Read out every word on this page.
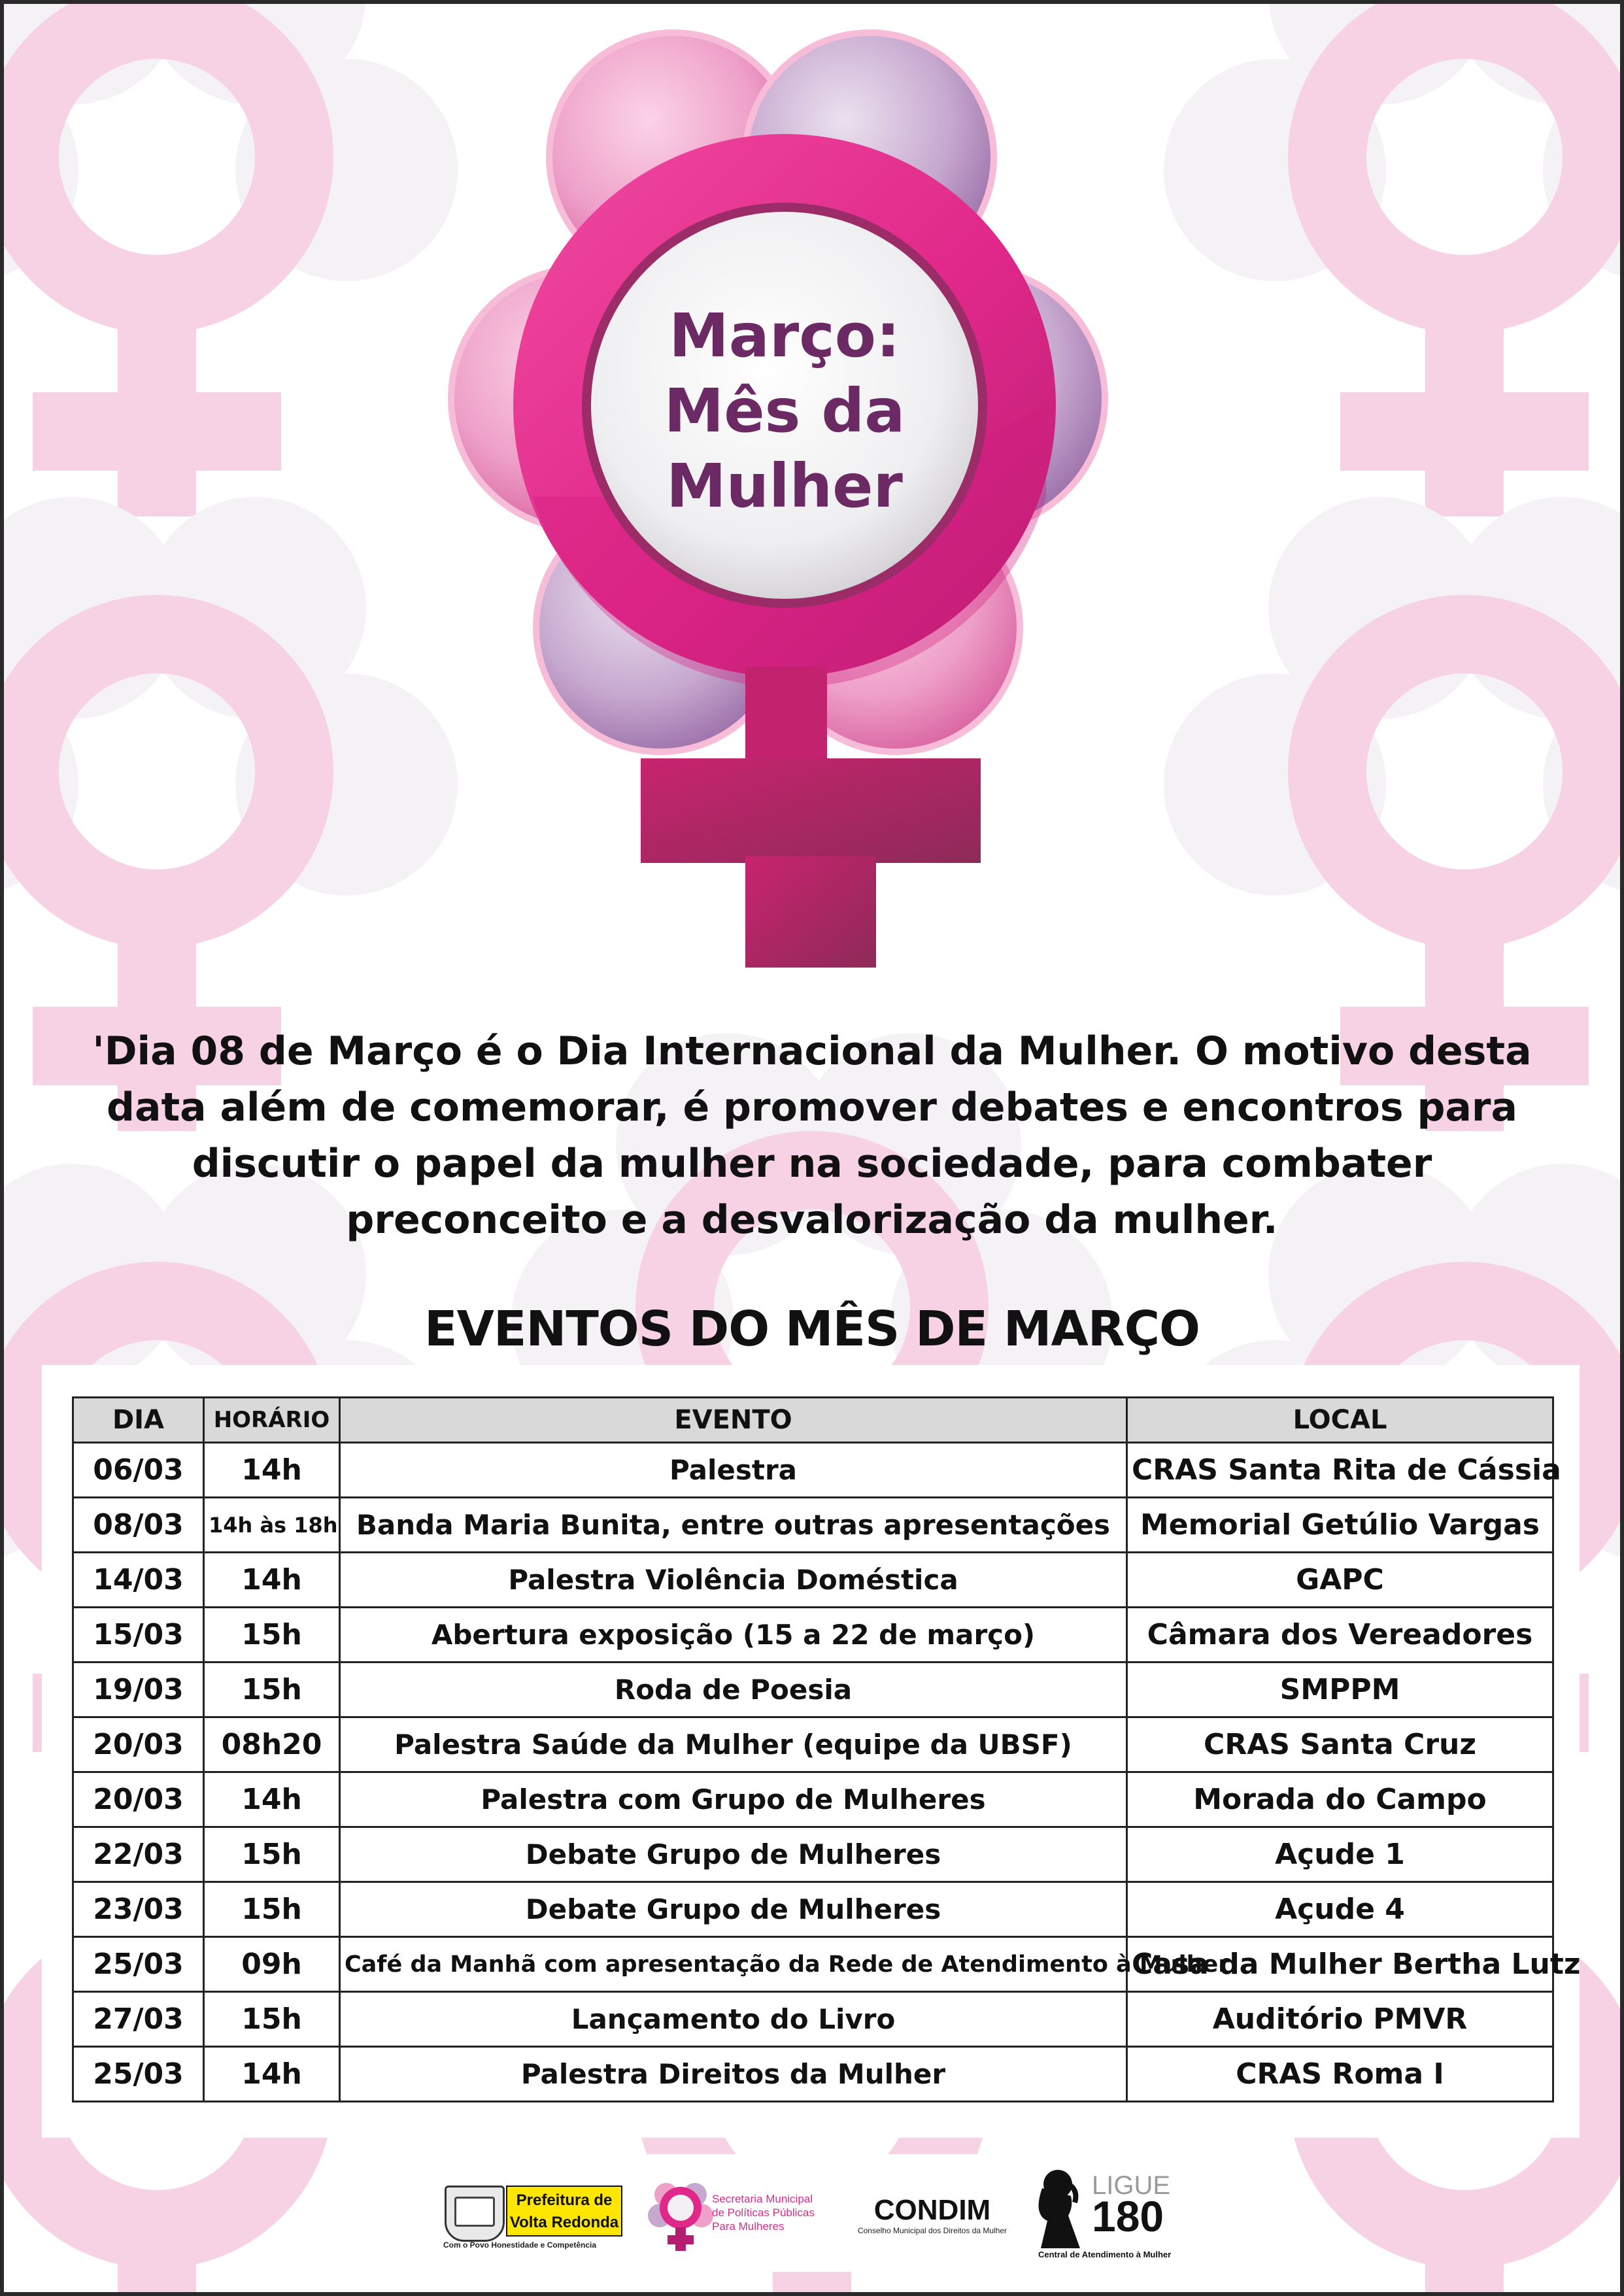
Março:
Mês da
Mulher
'Dia 08 de Março é o Dia Internacional da Mulher. O motivo desta data além de comemorar, é promover debates e encontros para discutir o papel da mulher na sociedade, para combater preconceito e a desvalorização da mulher.
EVENTOS DO MÊS DE MARÇO
DIA	HORÁRIO	EVENTO	LOCAL
06/03	14h	Palestra	CRAS Santa Rita de Cássia
08/03	14h às 18h	Banda Maria Bunita, entre outras apresentações	Memorial Getúlio Vargas
14/03	14h	Palestra Violência Doméstica	GAPC
15/03	15h	Abertura exposição (15 a 22 de março)	Câmara dos Vereadores
19/03	15h	Roda de Poesia	SMPPM
20/03	08h20	Palestra Saúde da Mulher (equipe da UBSF)	CRAS Santa Cruz
20/03	14h	Palestra com Grupo de Mulheres	Morada do Campo
22/03	15h	Debate Grupo de Mulheres	Açude 1
23/03	15h	Debate Grupo de Mulheres	Açude 4
25/03	09h	Café da Manhã com apresentação da Rede de Atendimento à Mulher	Casa da Mulher Bertha Lutz
27/03	15h	Lançamento do Livro	Auditório PMVR
25/03	14h	Palestra Direitos da Mulher	CRAS Roma I
Prefeitura de
Volta Redonda
Com o Povo Honestidade e Competência
Secretaria Municipal
de Políticas Públicas
Para Mulheres
CONDIM
Conselho Municipal dos Direitos da Mulher
LIGUE
180
Central de Atendimento à Mulher
